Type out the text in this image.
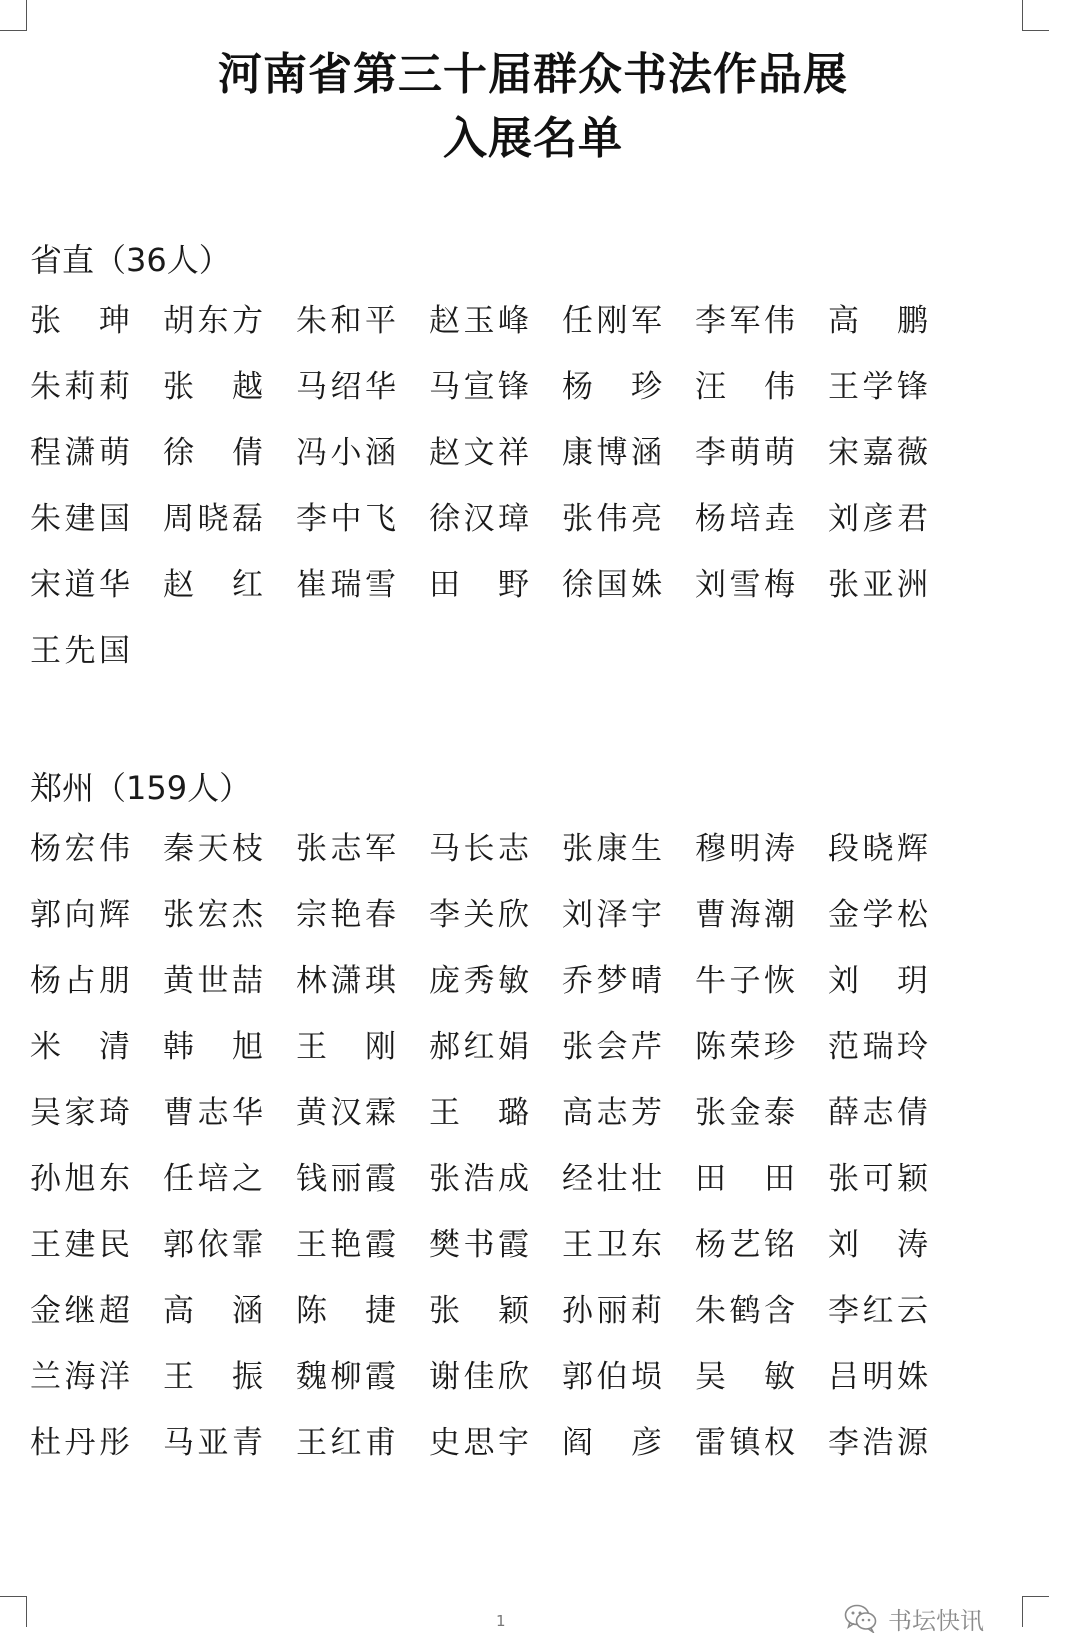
河南省第三十届群众书法作品展
入展名单
省直（36人）
张　珅 胡东方 朱和平 赵玉峰 任刚军 李军伟 高　鹏
朱莉莉 张　越 马绍华 马宣锋 杨　珍 汪　伟 王学锋
程潇萌 徐　倩 冯小涵 赵文祥 康博涵 李萌萌 宋嘉薇
朱建国 周晓磊 李中飞 徐汉璋 张伟亮 杨培垚 刘彦君
宋道华 赵　红 崔瑞雪 田　野 徐国姝 刘雪梅 张亚洲
王先国
郑州（159人）
杨宏伟 秦天枝 张志军 马长志 张康生 穆明涛 段晓辉
郭向辉 张宏杰 宗艳春 李关欣 刘泽宇 曹海潮 金学松
杨占朋 黄世喆 林潇琪 庞秀敏 乔梦晴 牛子恢 刘　玥
米　清 韩　旭 王　刚 郝红娟 张会芹 陈荣珍 范瑞玲
吴家琦 曹志华 黄汉霖 王　璐 高志芳 张金泰 薛志倩
孙旭东 任培之 钱丽霞 张浩成 经壮壮 田　田 张可颖
王建民 郭依霏 王艳霞 樊书霞 王卫东 杨艺铭 刘　涛
金继超 高　涵 陈　捷 张　颖 孙丽莉 朱鹤含 李红云
兰海洋 王　振 魏柳霞 谢佳欣 郭伯埙 吴　敏 吕明姝
杜丹彤 马亚青 王红甫 史思宇 阎　彦 雷镇权 李浩源
1	书坛快讯
